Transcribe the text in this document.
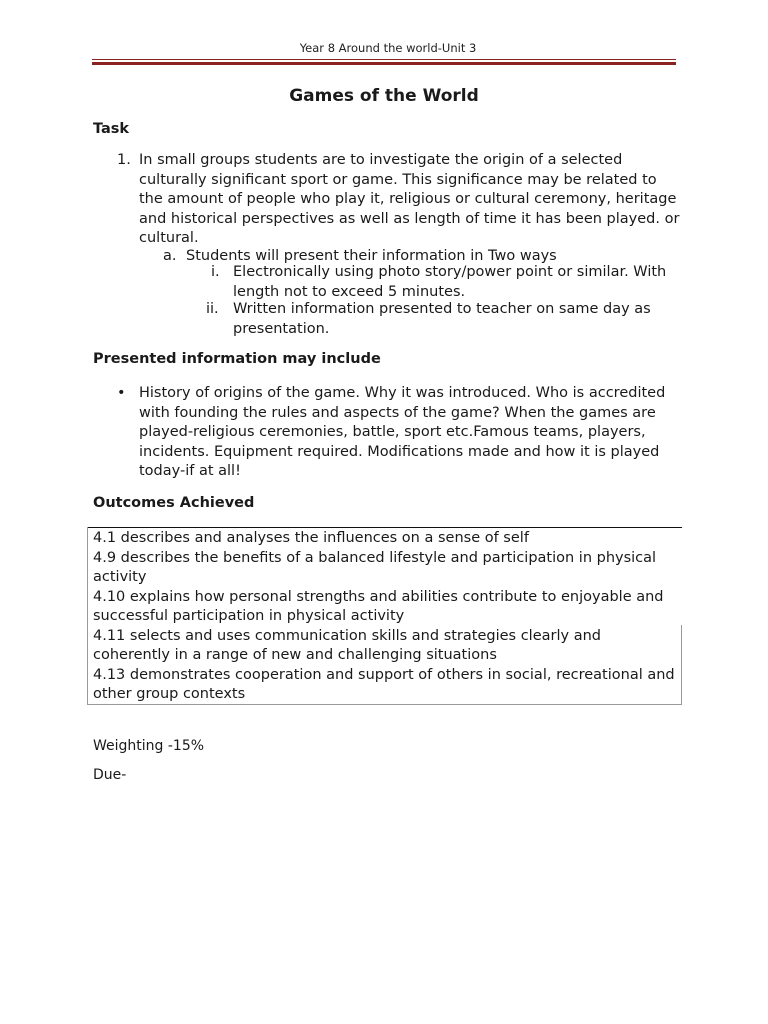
Year 8 Around the world-Unit 3
Games of the World
Task
1. In small groups students are to investigate the origin of a selected culturally significant sport or game. This significance may be related to the amount of people who play it, religious or cultural ceremony, heritage and historical perspectives as well as length of time it has been played. or cultural.
a. Students will present their information in Two ways
i. Electronically using photo story/power point or similar. With length not to exceed 5 minutes.
ii. Written information presented to teacher on same day as presentation.
Presented information may include
• History of origins of the game. Why it was introduced. Who is accredited with founding the rules and aspects of the game? When the games are played-religious ceremonies, battle, sport etc.Famous teams, players, incidents. Equipment required. Modifications made and how it is played today-if at all!
Outcomes Achieved
4.1 describes and analyses the influences on a sense of self
4.9 describes the benefits of a balanced lifestyle and participation in physical activity
4.10 explains how personal strengths and abilities contribute to enjoyable and successful participation in physical activity
4.11 selects and uses communication skills and strategies clearly and coherently in a range of new and challenging situations
4.13 demonstrates cooperation and support of others in social, recreational and other group contexts
Weighting -15%
Due-
